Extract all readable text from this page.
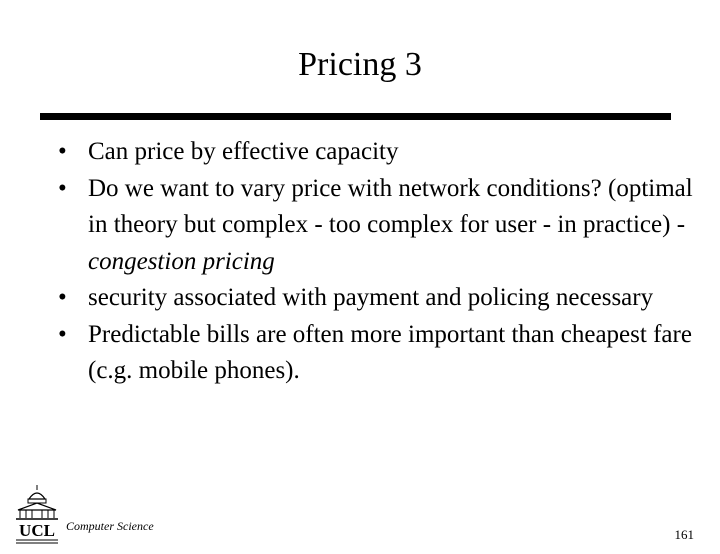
Pricing 3
• Can price by effective capacity
• Do we want to vary price with network conditions? (optimal in theory but complex - too complex for user - in practice) - congestion pricing
• security associated with payment and policing necessary
• Predictable bills are often more important than cheapest fare (c.g. mobile phones).
UCL Computer Science
161
